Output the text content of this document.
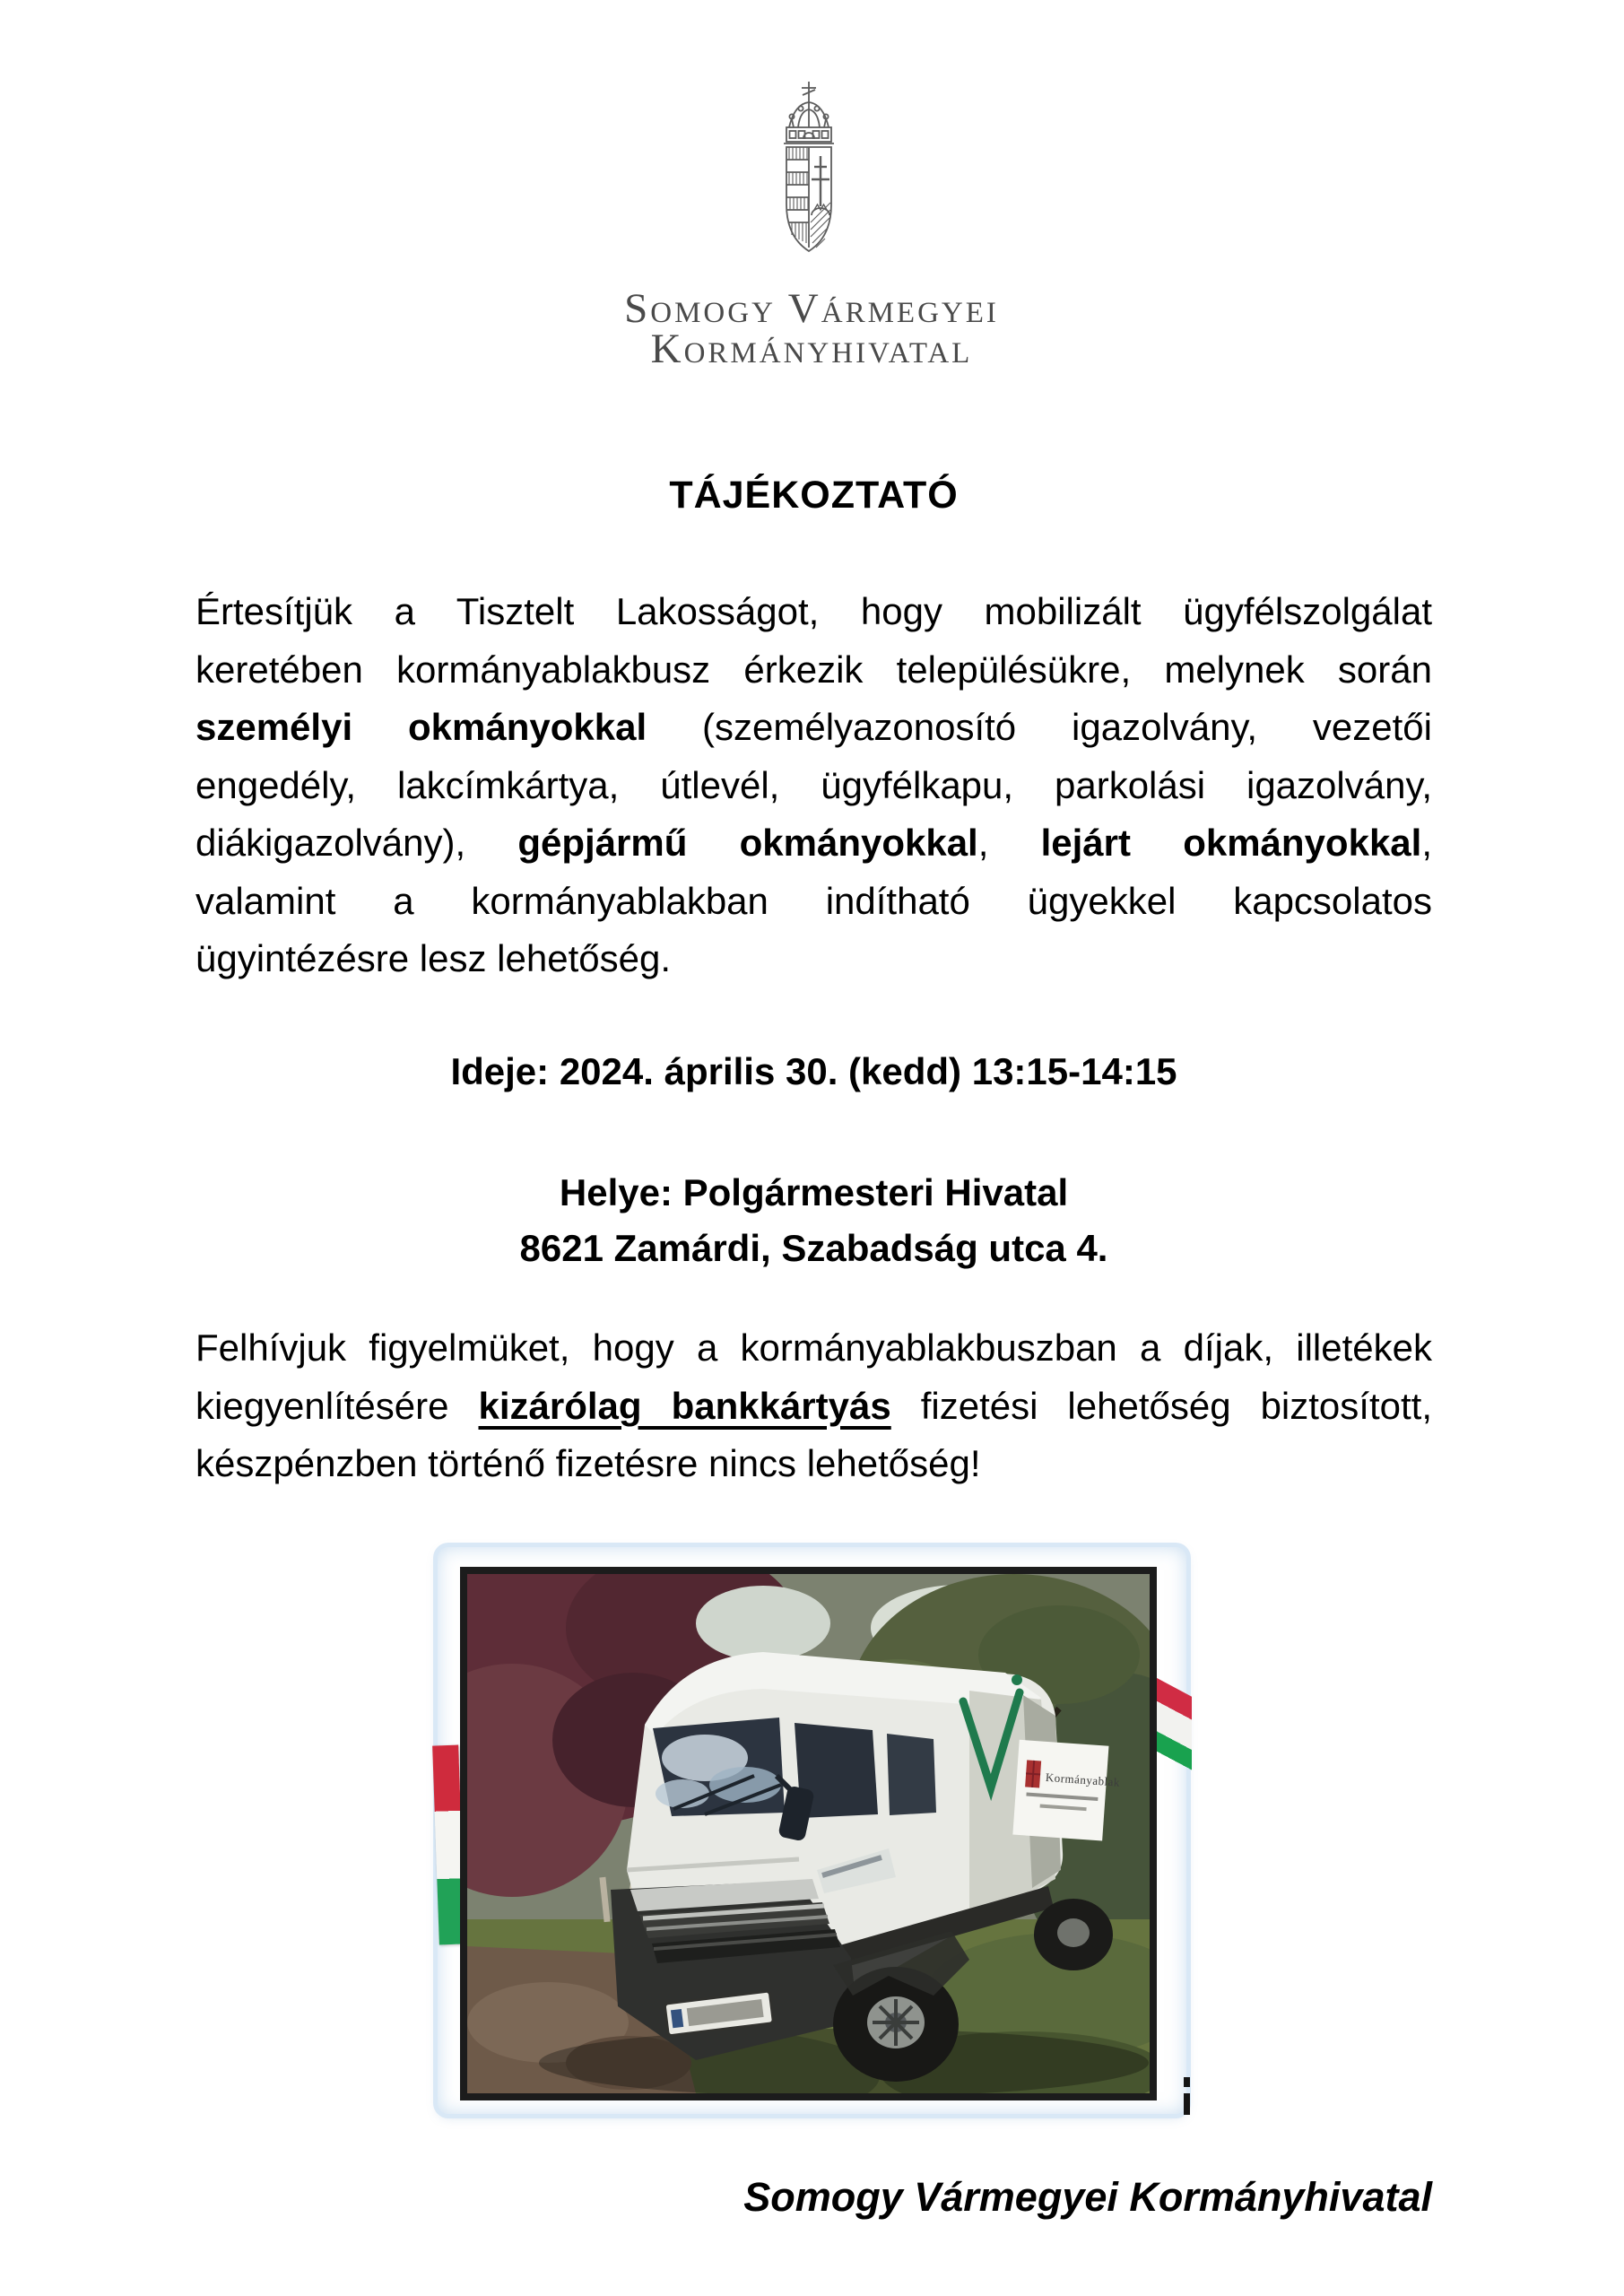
Somogy Vármegyei
Kormányhivatal
TÁJÉKOZTATÓ
Értesítjük a Tisztelt Lakosságot, hogy mobilizált ügyfélszolgálat
keretében kormányablakbusz érkezik településükre, melynek során
személyi okmányokkal (személyazonosító igazolvány, vezetői
engedély, lakcímkártya, útlevél, ügyfélkapu, parkolási igazolvány,
diákigazolvány), gépjármű okmányokkal, lejárt okmányokkal,
valamint a kormányablakban indítható ügyekkel kapcsolatos
ügyintézésre lesz lehetőség.
Ideje: 2024. április 30. (kedd) 13:15-14:15
Helye: Polgármesteri Hivatal
8621 Zamárdi, Szabadság utca 4.
Felhívjuk figyelmüket, hogy a kormányablakbuszban a díjak, illetékek
kiegyenlítésére kizárólag bankkártyás fizetési lehetőség biztosított,
készpénzben történő fizetésre nincs lehetőség!
Kormányablak
Somogy Vármegyei Kormányhivatal
